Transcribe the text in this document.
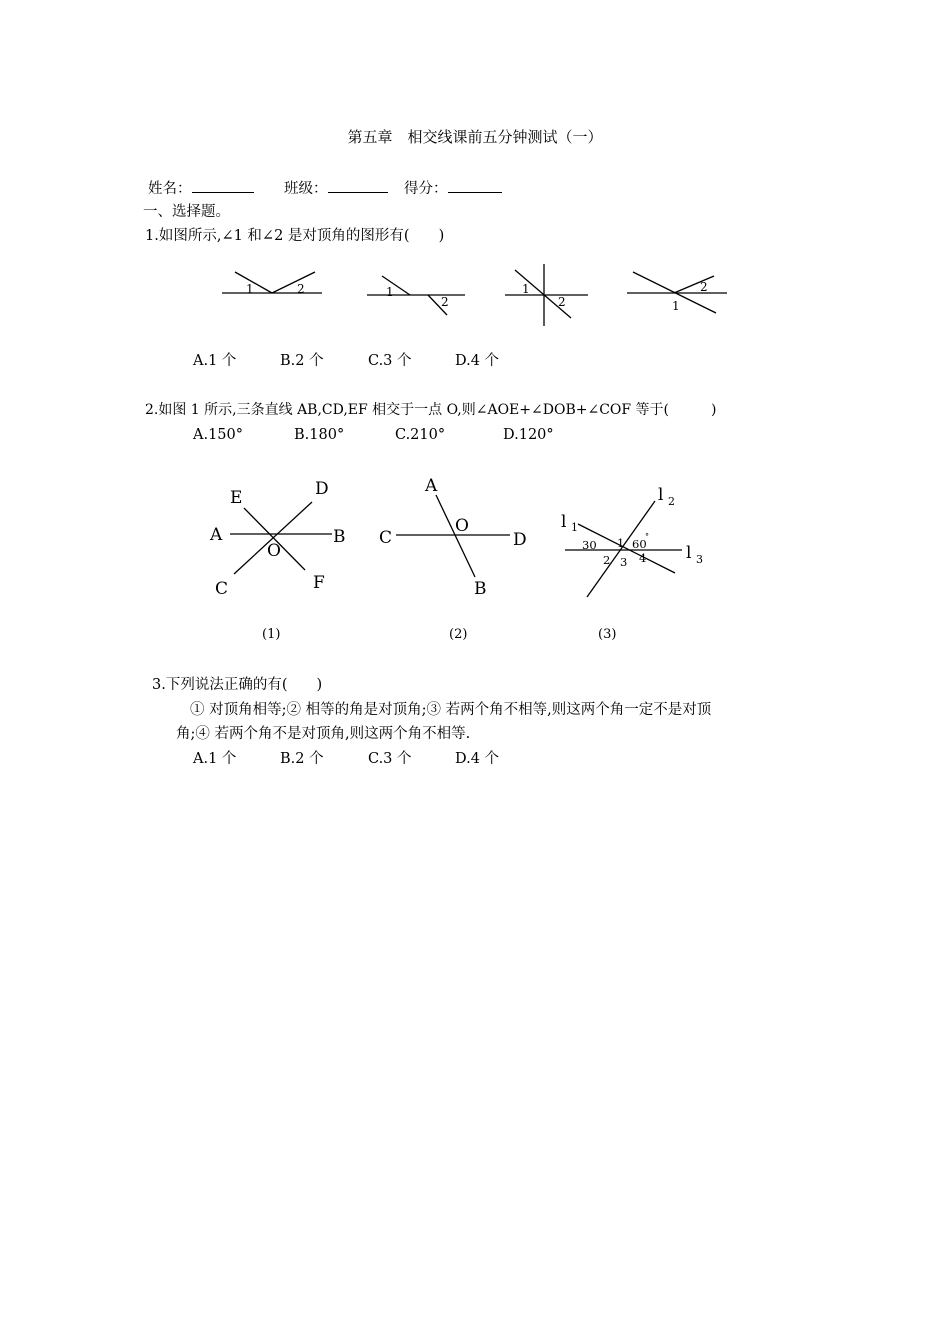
第五章　相交线课前五分钟测试（一）
姓名：	班级：	得分：
一、选择题。
1.如图所示,∠1 和∠2 是对顶角的图形有(　　)
1	2	1
2
1
2
2
1
A	B
D
E
O
F
C
A
O
C	D
B
l 1
l 2
l 3
30 1 60
°
2 3 4
(1)	(2)	(3)
A.1 个	B.2 个	C.3 个	D.4 个
2.如图 1 所示,三条直线 AB,CD,EF 相交于一点 O,则∠AOE+∠DOB+∠COF 等于(　　　)
A.150°	B.180°	C.210°	D.120°
3.下列说法正确的有(　　)
① 对顶角相等;② 相等的角是对顶角;③ 若两个角不相等,则这两个角一定不是对顶
角;④ 若两个角不是对顶角,则这两个角不相等.
A.1 个	B.2 个	C.3 个	D.4 个
